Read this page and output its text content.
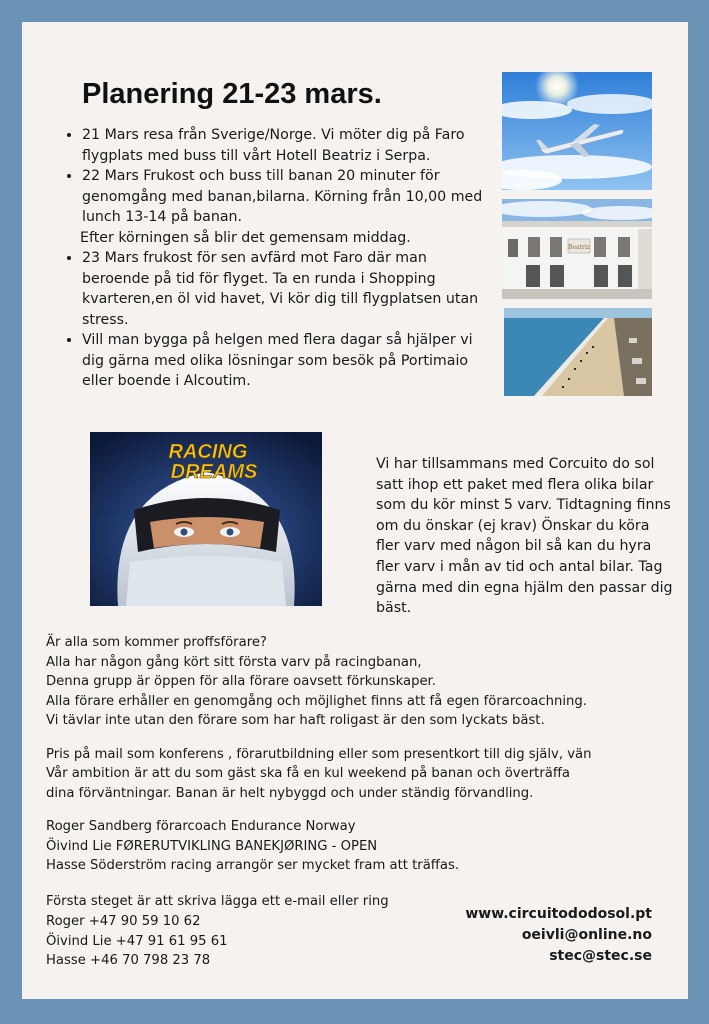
Planering 21-23 mars.
• 21 Mars resa från Sverige/Norge. Vi möter dig på Faro flygplats med buss till vårt Hotell Beatriz i Serpa.
• 22 Mars Frukost och buss till banan 20 minuter för genomgång med banan,bilarna. Körning från 10,00 med lunch 13-14 på banan.
Efter körningen så blir det gemensam middag.
• 23 Mars frukost för sen avfärd mot Faro där man beroende på tid för flyget. Ta en runda i Shopping kvarteren,en öl vid havet, Vi kör dig till flygplatsen utan stress.
• Vill man bygga på helgen med flera dagar så hjälper vi dig gärna med olika lösningar som besök på Portimaio eller boende i Alcoutim.
Beatriz
RACING
DREAMS	Vi har tillsammans med Corcuito do sol satt ihop ett paket med flera olika bilar som du kör minst 5 varv. Tidtagning finns om du önskar (ej krav) Önskar du köra fler varv med någon bil så kan du hyra fler varv i mån av tid och antal bilar. Tag gärna med din egna hjälm den passar dig bäst.

Är alla som kommer proffsförare?
Alla har någon gång kört sitt första varv på racingbanan,
Denna grupp är öppen för alla förare oavsett förkunskaper.
Alla förare erhåller en genomgång och möjlighet finns att få egen förarcoachning.
Vi tävlar inte utan den förare som har haft roligast är den som lyckats bäst.

Pris på mail som konferens , förarutbildning eller som presentkort till dig själv, vän
Vår ambition är att du som gäst ska få en kul weekend på banan och överträffa
dina förväntningar. Banan är helt nybyggd och under ständig förvandling.

Roger Sandberg förarcoach Endurance Norway
Öivind Lie FØRERUTVIKLING BANEKJØRING - OPEN
Hasse Söderström racing arrangör ser mycket fram att träffas.

Första steget är att skriva lägga ett e-mail eller ring
Roger +47 90 59 10 62
Öivind Lie +47 91 61 95 61
Hasse +46 70 798 23 78
www.circuitododosol.pt
oeivli@online.no
stec@stec.se
